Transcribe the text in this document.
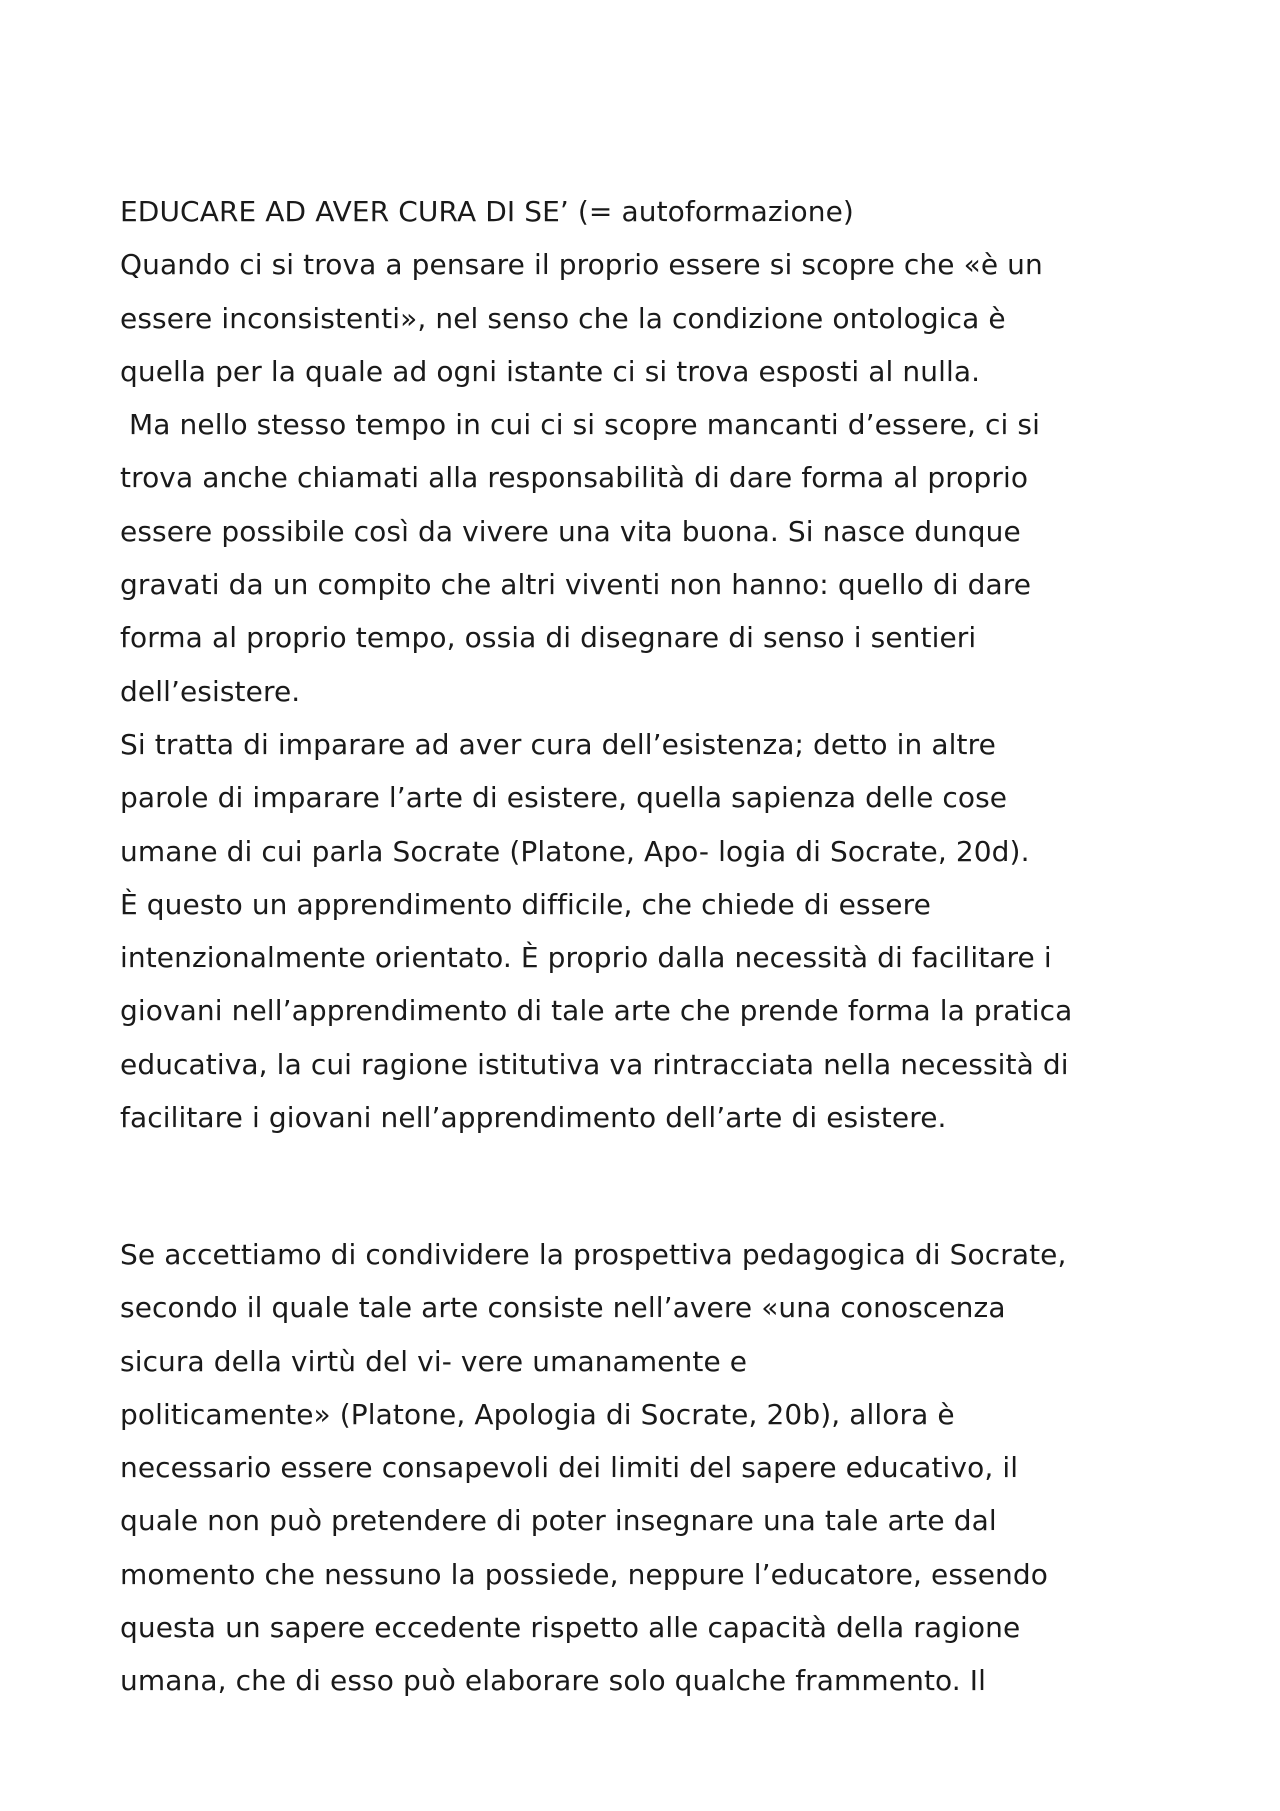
EDUCARE AD AVER CURA DI SE’ (= autoformazione)
Quando ci si trova a pensare il proprio essere si scopre che «è un
essere inconsistenti», nel senso che la condizione ontologica è
quella per la quale ad ogni istante ci si trova esposti al nulla.
Ma nello stesso tempo in cui ci si scopre mancanti d’essere, ci si
trova anche chiamati alla responsabilità di dare forma al proprio
essere possibile così da vivere una vita buona. Si nasce dunque
gravati da un compito che altri viventi non hanno: quello di dare
forma al proprio tempo, ossia di disegnare di senso i sentieri
dell’esistere.
Si tratta di imparare ad aver cura dell’esistenza; detto in altre
parole di imparare l’arte di esistere, quella sapienza delle cose
umane di cui parla Socrate (Platone, Apo- logia di Socrate, 20d).
È questo un apprendimento difficile, che chiede di essere
intenzionalmente orientato. È proprio dalla necessità di facilitare i
giovani nell’apprendimento di tale arte che prende forma la pratica
educativa, la cui ragione istitutiva va rintracciata nella necessità di
facilitare i giovani nell’apprendimento dell’arte di esistere.
Se accettiamo di condividere la prospettiva pedagogica di Socrate,
secondo il quale tale arte consiste nell’avere «una conoscenza
sicura della virtù del vi- vere umanamente e
politicamente» (Platone, Apologia di Socrate, 20b), allora è
necessario essere consapevoli dei limiti del sapere educativo, il
quale non può pretendere di poter insegnare una tale arte dal
momento che nessuno la possiede, neppure l’educatore, essendo
questa un sapere eccedente rispetto alle capacità della ragione
umana, che di esso può elaborare solo qualche frammento. Il
